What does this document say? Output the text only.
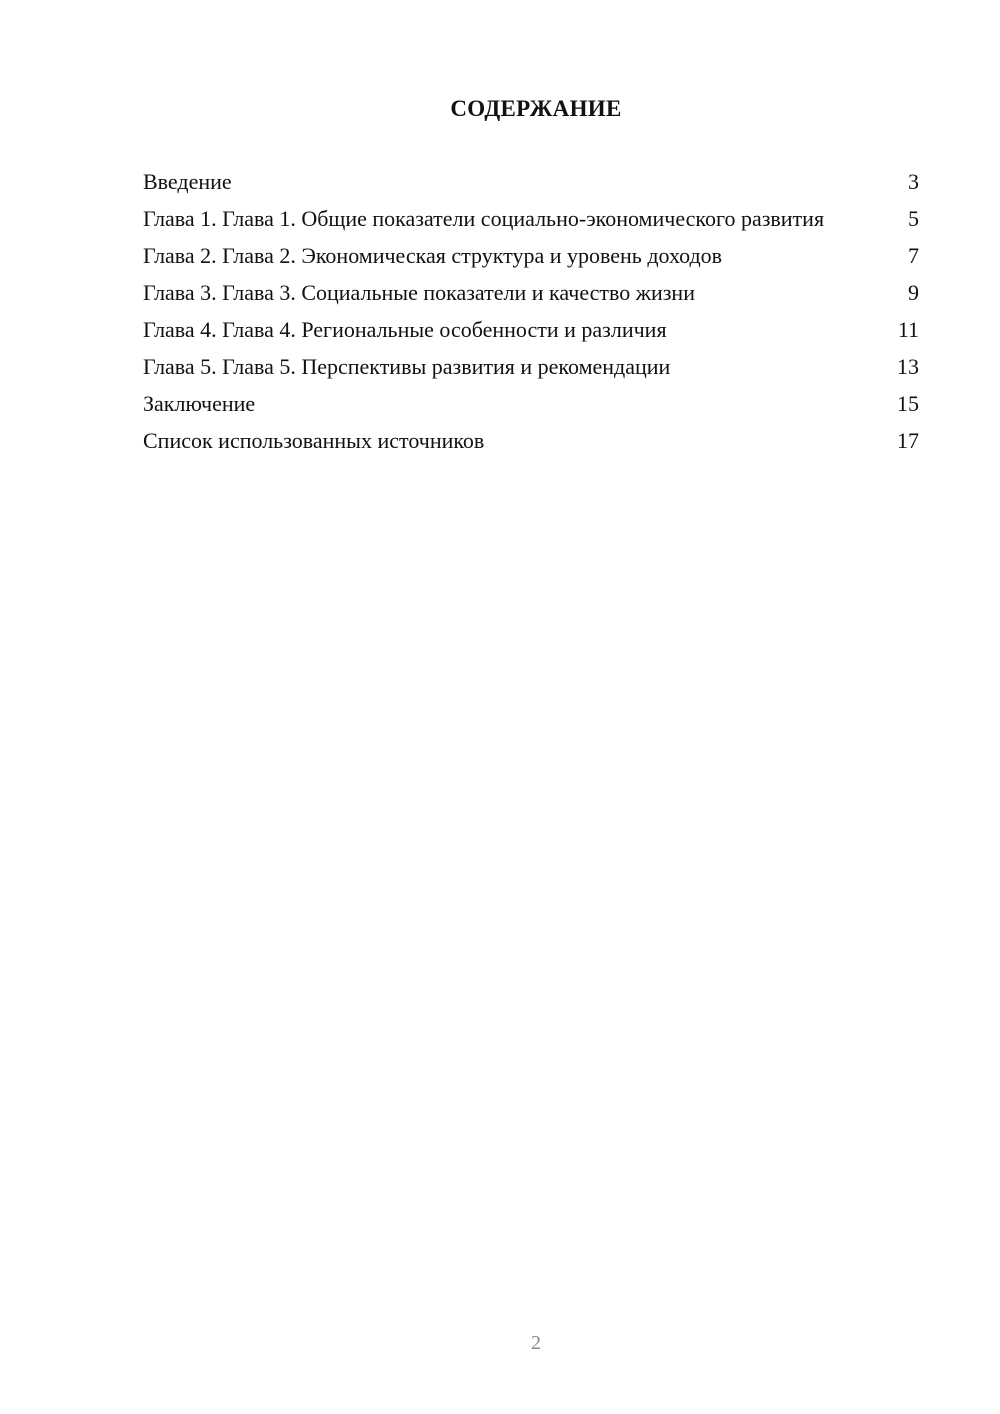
СОДЕРЖАНИЕ
Введение	3
Глава 1. Глава 1. Общие показатели социально-экономического развития	5
Глава 2. Глава 2. Экономическая структура и уровень доходов	7
Глава 3. Глава 3. Социальные показатели и качество жизни	9
Глава 4. Глава 4. Региональные особенности и различия	11
Глава 5. Глава 5. Перспективы развития и рекомендации	13
Заключение	15
Список использованных источников	17
2
